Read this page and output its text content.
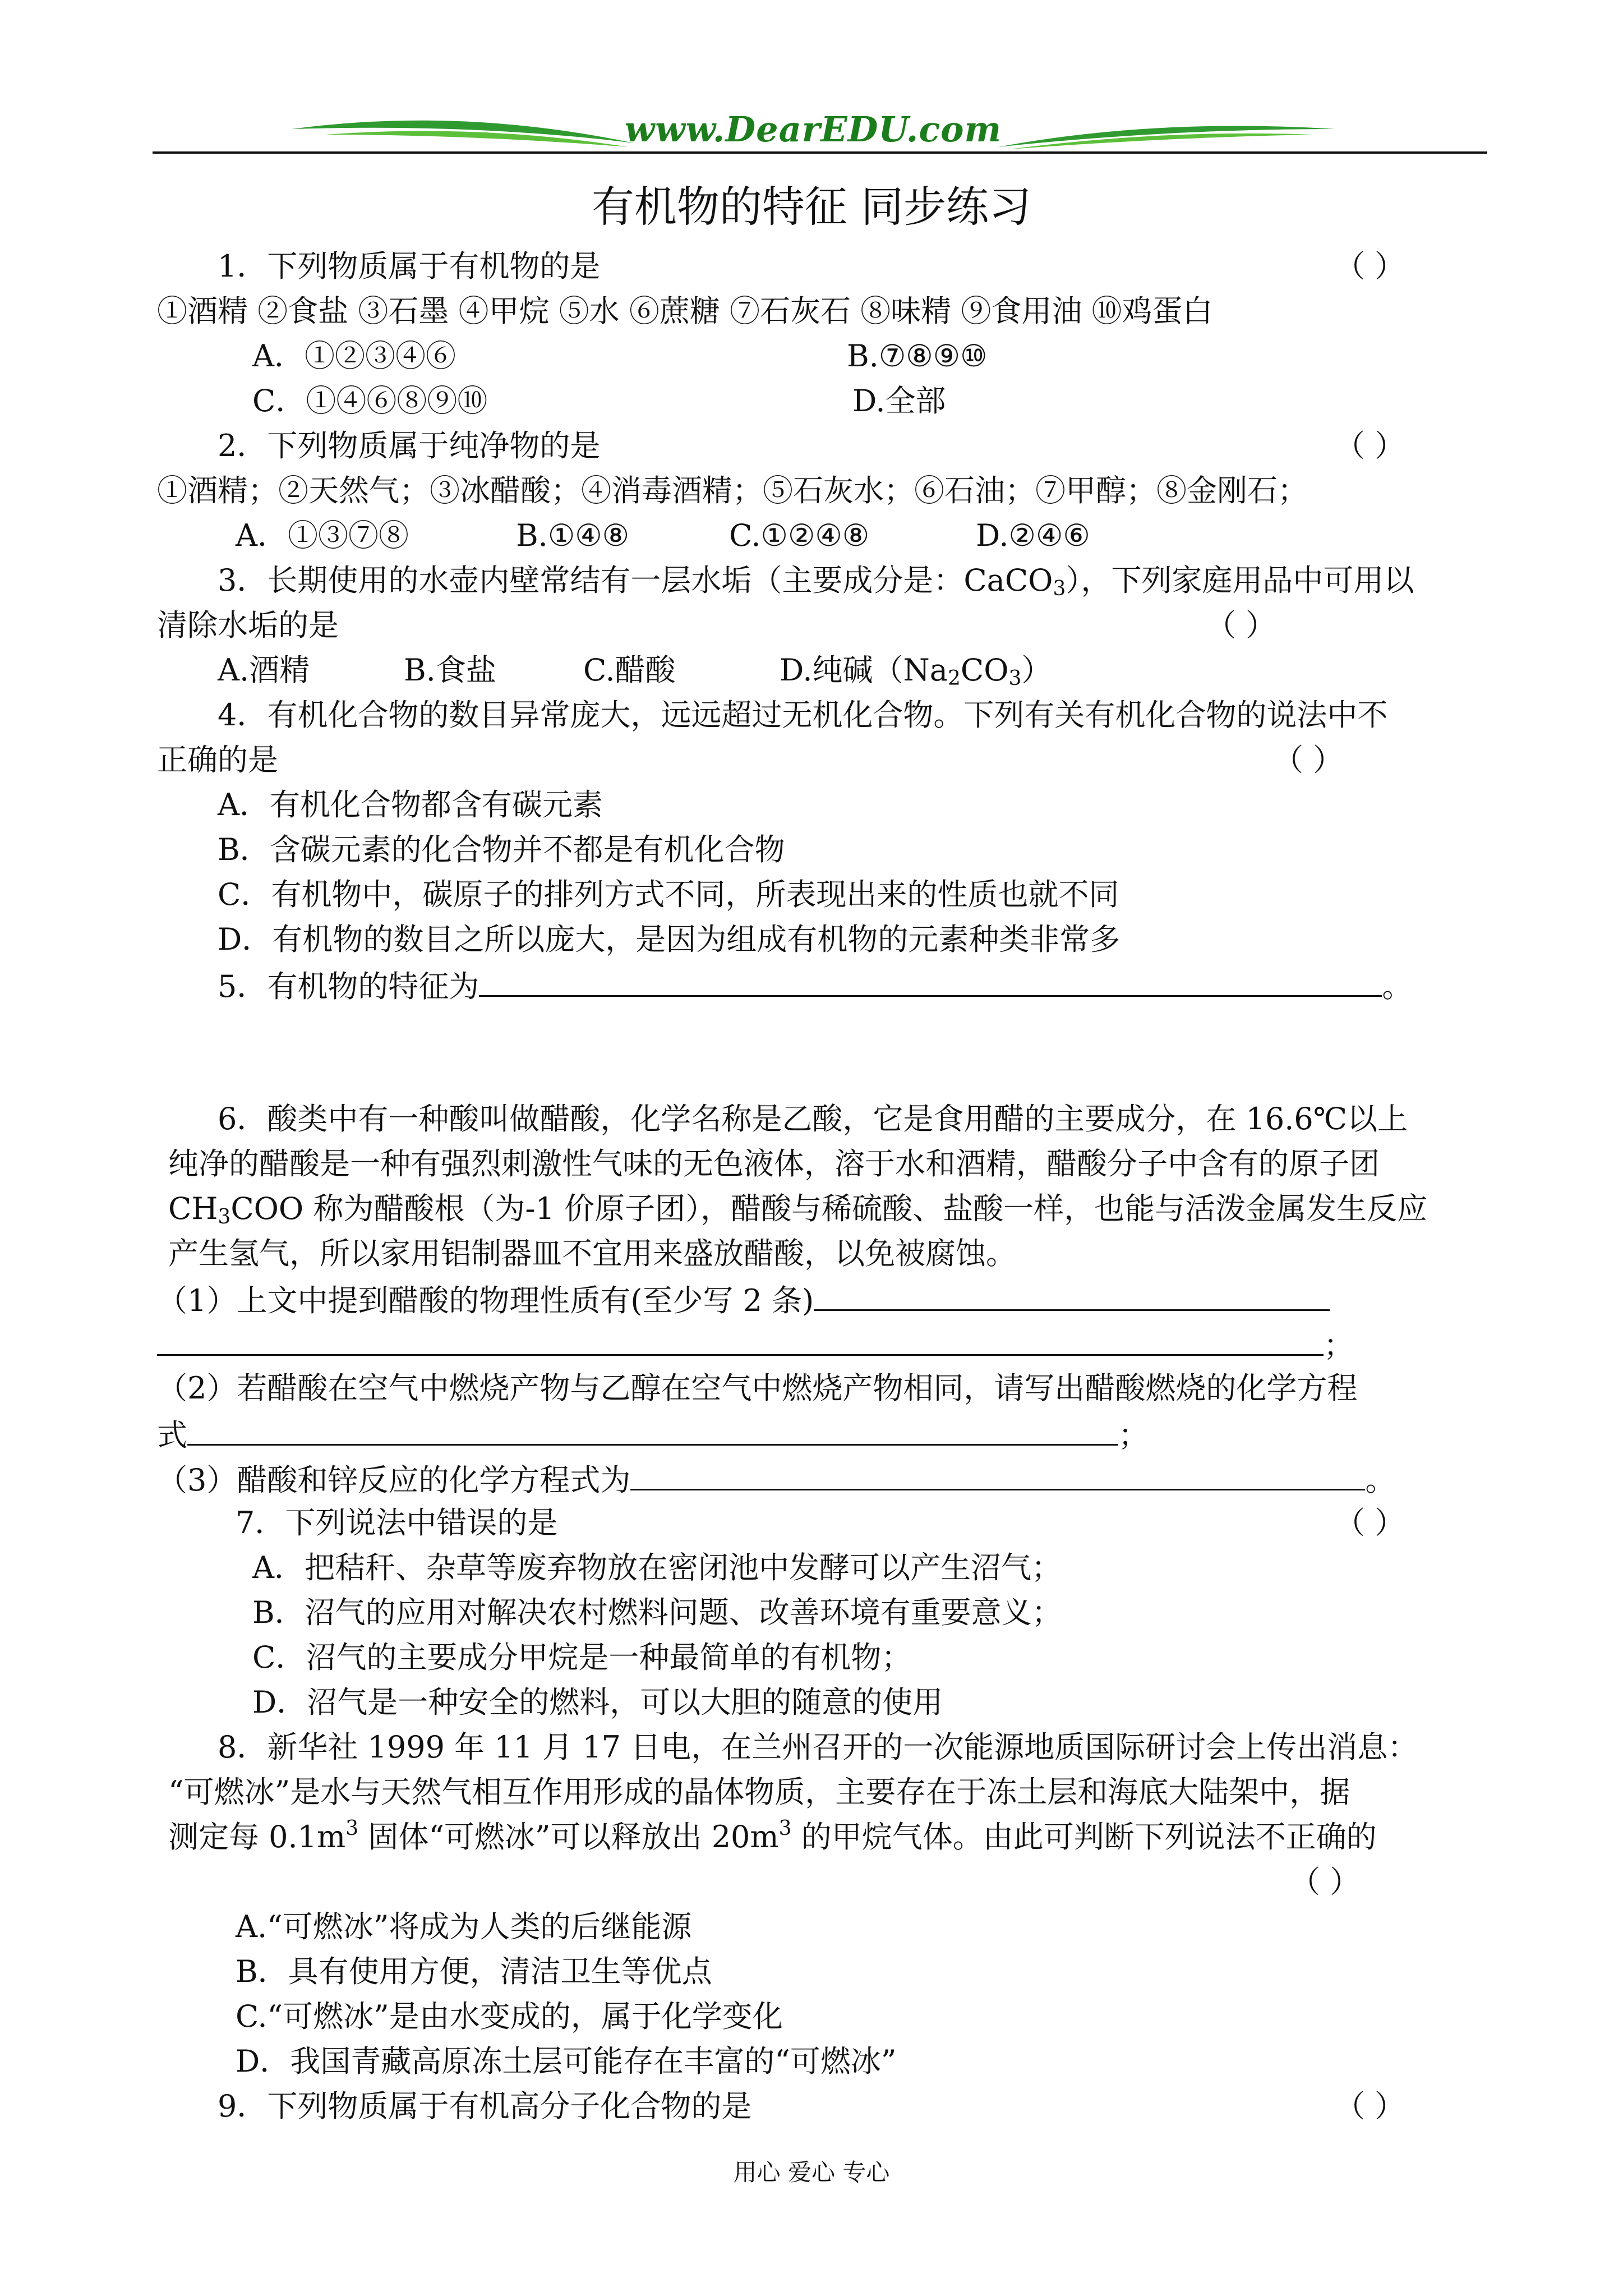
www.DearEDU.com
有机物的特征 同步练习
1．下列物质属于有机物的是	（ ）
①酒精 ②食盐 ③石墨 ④甲烷 ⑤水 ⑥蔗糖 ⑦石灰石 ⑧味精 ⑨食用油 ⑩鸡蛋白
A．①②③④⑥	B.⑦⑧⑨⑩
C．①④⑥⑧⑨⑩	D.全部
2．下列物质属于纯净物的是	（ ）
①酒精；②天然气；③冰醋酸；④消毒酒精；⑤石灰水；⑥石油；⑦甲醇；⑧金刚石；
A．①③⑦⑧	B.①④⑧	C.①②④⑧	D.②④⑥
3．长期使用的水壶内壁常结有一层水垢（主要成分是：CaCO$_3$），下列家庭用品中可用以
清除水垢的是	（ ）
A.酒精	B.食盐	C.醋酸	D.纯碱$(Na_2CO_3)$
4．有机化合物的数目异常庞大，远远超过无机化合物。下列有关有机化合物的说法中不
正确的是	（ ）
A．有机化合物都含有碳元素
B．含碳元素的化合物并不都是有机化合物
C．有机物中，碳原子的排列方式不同，所表现出来的性质也就不同
D．有机物的数目之所以庞大，是因为组成有机物的元素种类非常多
5．有机物的特征为	。
6．酸类中有一种酸叫做醋酸，化学名称是乙酸，它是食用醋的主要成分，在 16.6℃以上
纯净的醋酸是一种有强烈刺激性气味的无色液体，溶于水和酒精，醋酸分子中含有的原子团
$CH_3COO$ 称为醋酸根（为-1 价原子团），醋酸与稀硫酸、盐酸一样，也能与活泼金属发生反应
产生氢气，所以家用铝制器皿不宜用来盛放醋酸，以免被腐蚀。
（1）上文中提到醋酸的物理性质有(至少写 2 条)
；
（2）若醋酸在空气中燃烧产物与乙醇在空气中燃烧产物相同，请写出醋酸燃烧的化学方程
式	；
（3）醋酸和锌反应的化学方程式为	。
7．下列说法中错误的是	（ ）
A．把秸秆、杂草等废弃物放在密闭池中发酵可以产生沼气；
B．沼气的应用对解决农村燃料问题、改善环境有重要意义；
C．沼气的主要成分甲烷是一种最简单的有机物；
D．沼气是一种安全的燃料，可以大胆的随意的使用
8．新华社 1999 年 11 月 17 日电，在兰州召开的一次能源地质国际研讨会上传出消息：
“可燃冰”是水与天然气相互作用形成的晶体物质，主要存在于冻土层和海底大陆架中，据
测定每 $0.1m^3$ 固体“可燃冰”可以释放出 $20m^3$ 的甲烷气体。由此可判断下列说法不正确的
（ ）
A.“可燃冰”将成为人类的后继能源
B．具有使用方便，清洁卫生等优点
C.“可燃冰”是由水变成的，属于化学变化
D．我国青藏高原冻土层可能存在丰富的“可燃冰”
9．下列物质属于有机高分子化合物的是	（ ）
用心 爱心 专心
